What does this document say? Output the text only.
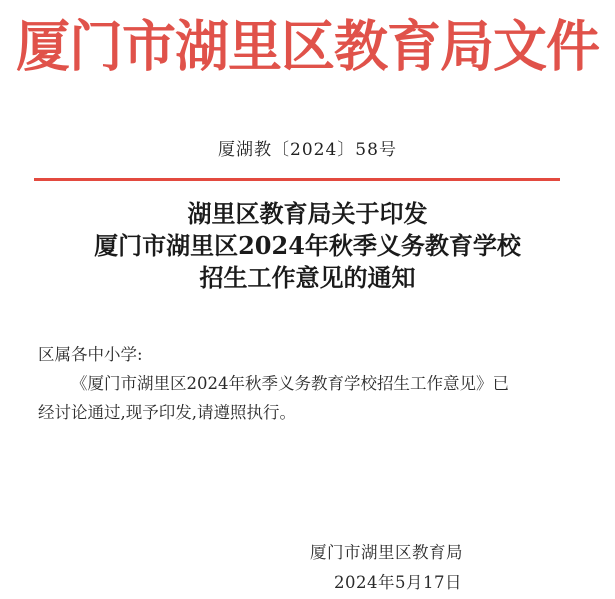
厦门市湖里区教育局文件
厦湖教〔2024〕58号
湖里区教育局关于印发
厦门市湖里区2024年秋季义务教育学校
招生工作意见的通知
区属各中小学:
《厦门市湖里区2024年秋季义务教育学校招生工作意见》已
经讨论通过,现予印发,请遵照执行。
厦门市湖里区教育局
2024年5月17日
